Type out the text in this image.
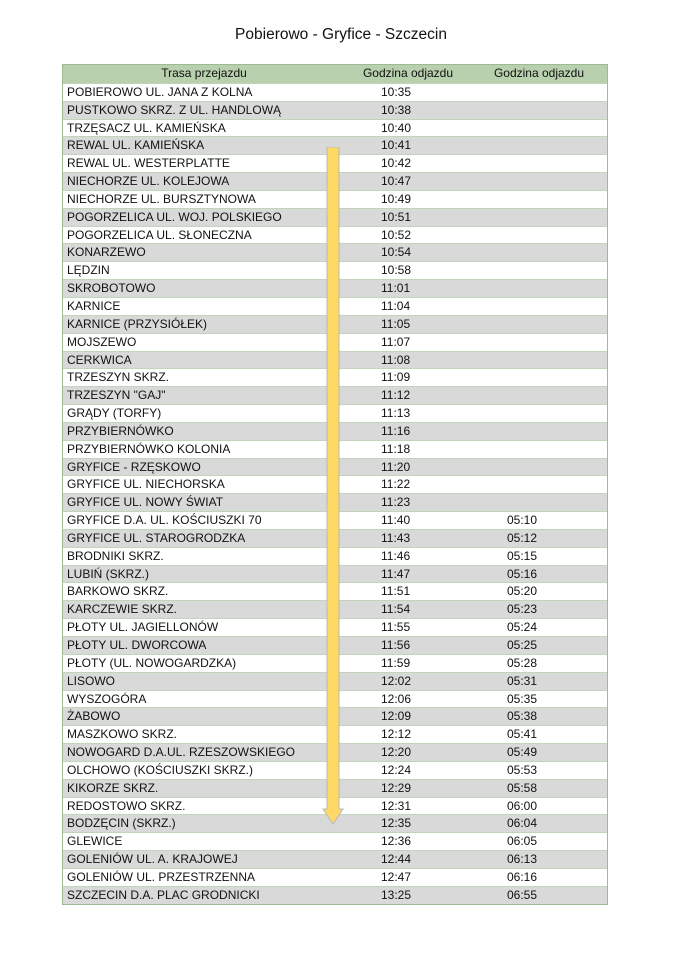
Pobierowo - Gryfice - Szczecin
Trasa przejazdu	Godzina odjazdu	Godzina odjazdu
POBIEROWO UL. JANA Z KOLNA	10:35
PUSTKOWO SKRZ. Z UL. HANDLOWĄ	10:38
TRZĘSACZ UL. KAMIEŃSKA	10:40
REWAL UL. KAMIEŃSKA	10:41
REWAL UL. WESTERPLATTE	10:42
NIECHORZE UL. KOLEJOWA	10:47
NIECHORZE UL. BURSZTYNOWA	10:49
POGORZELICA UL. WOJ. POLSKIEGO	10:51
POGORZELICA UL. SŁONECZNA	10:52
KONARZEWO	10:54
LĘDZIN	10:58
SKROBOTOWO	11:01
KARNICE	11:04
KARNICE (PRZYSIÓŁEK)	11:05
MOJSZEWO	11:07
CERKWICA	11:08
TRZESZYN SKRZ.	11:09
TRZESZYN "GAJ"	11:12
GRĄDY (TORFY)	11:13
PRZYBIERNÓWKO	11:16
PRZYBIERNÓWKO KOLONIA	11:18
GRYFICE - RZĘSKOWO	11:20
GRYFICE UL. NIECHORSKA	11:22
GRYFICE UL. NOWY ŚWIAT	11:23
GRYFICE D.A. UL. KOŚCIUSZKI 70	11:40	05:10
GRYFICE UL. STAROGRODZKA	11:43	05:12
BRODNIKI SKRZ.	11:46	05:15
LUBIŃ (SKRZ.)	11:47	05:16
BARKOWO SKRZ.	11:51	05:20
KARCZEWIE SKRZ.	11:54	05:23
PŁOTY UL. JAGIELLONÓW	11:55	05:24
PŁOTY UL. DWORCOWA	11:56	05:25
PŁOTY (UL. NOWOGARDZKA)	11:59	05:28
LISOWO	12:02	05:31
WYSZOGÓRA	12:06	05:35
ŻABOWO	12:09	05:38
MASZKOWO SKRZ.	12:12	05:41
NOWOGARD D.A.UL. RZESZOWSKIEGO	12:20	05:49
OLCHOWO (KOŚCIUSZKI SKRZ.)	12:24	05:53
KIKORZE SKRZ.	12:29	05:58
REDOSTOWO SKRZ.	12:31	06:00
BODZĘCIN (SKRZ.)	12:35	06:04
GLEWICE	12:36	06:05
GOLENIÓW UL. A. KRAJOWEJ	12:44	06:13
GOLENIÓW UL. PRZESTRZENNA	12:47	06:16
SZCZECIN D.A. PLAC GRODNICKI	13:25	06:55
